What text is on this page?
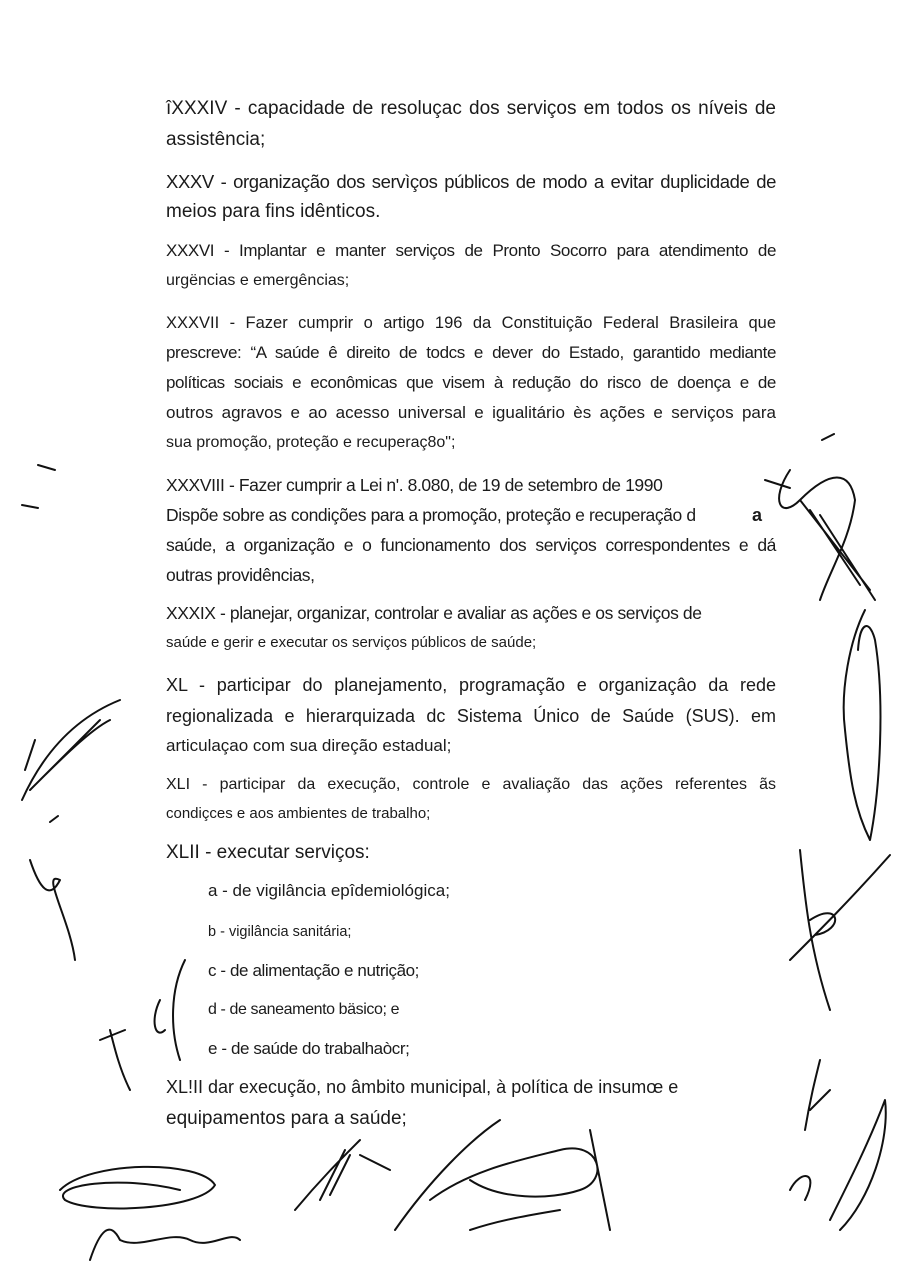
îXXXIV - capacidade de resoluçac dos serviços em todos os níveis de
assistência;
XXXV - organização dos servìços públicos de modo a evitar duplicidade de
meios para fins idênticos.
XXXVI - Implantar e manter serviços de Pronto Socorro para atendimento de
urgëncias e emergências;
XXXVII - Fazer cumprir o artigo 196 da Constituição Federal Brasileira que
prescreve: “A saúde ê direito de todcs e dever do Estado, garantido mediante
políticas sociais e econômicas que visem à redução do risco de doença e de
outros agravos e ao acesso universal e igualitário ès ações e serviços para
sua promoção, proteção e recuperaç8o";
XXXVIII - Fazer cumprir a Lei n'. 8.080, de 19 de setembro de 1990
Dispõe sobre as condições para a promoção, proteção e recuperação d	a
saúde, a organização e o funcionamento dos serviços correspondentes e dá
outras providências,
XXXIX - planejar, organizar, controlar e avaliar as ações e os serviços de
saúde e gerir e executar os serviços públicos de saúde;
XL - participar do planejamento, programação e organizaçâo da rede
regionalizada e hierarquizada dc Sistema Único de Saúde (SUS). em
articulaçao com sua direção estadual;
XLI - participar da execução, controle e avaliação das ações referentes ãs
condiçces e aos ambientes de trabalho;
XLII - executar serviços:
a - de vigilância epîdemiológica;
b - vigilância sanitária;
c - de alimentação e nutrição;
d - de saneamento bäsico; e
e - de saúde do trabalhaòcr;
XL!II dar execução, no âmbito municipal, à política de insumœ e
equipamentos para a saúde;
